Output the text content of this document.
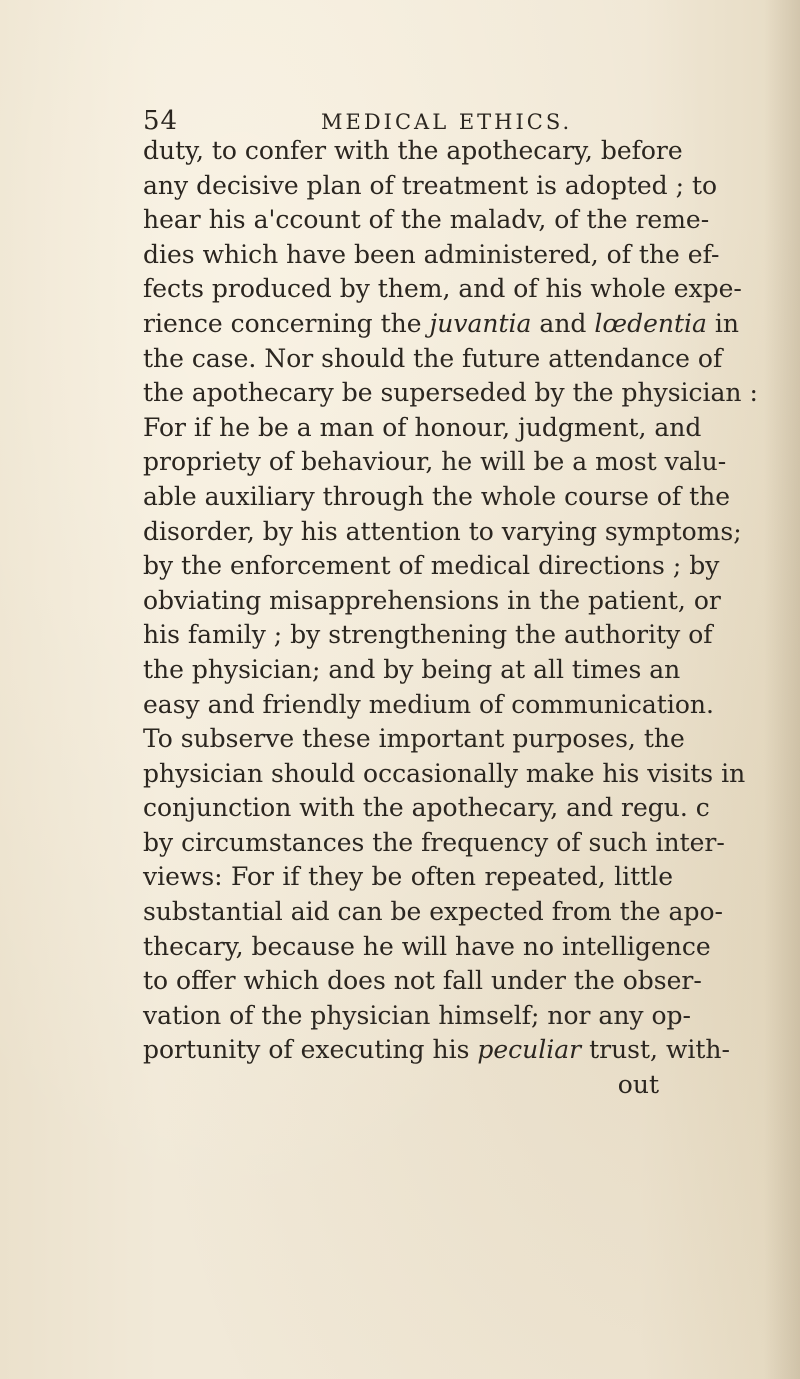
54	MEDICAL ETHICS.
duty, to confer with the apothecary, before
any decisive plan of treatment is adopted ; to
hear his a'ccount of the maladv, of the reme-
dies which have been administered, of the ef-
fects produced by them, and of his whole expe-
rience concerning the juvantia and lœdentia in
the case. Nor should the future attendance of
the apothecary be superseded by the physician :
For if he be a man of honour, judgment, and
propriety of behaviour, he will be a most valu-
able auxiliary through the whole course of the
disorder, by his attention to varying symptoms;
by the enforcement of medical directions ; by
obviating misapprehensions in the patient, or
his family ; by strengthening the authority of
the physician; and by being at all times an
easy and friendly medium of communication.
To subserve these important purposes, the
physician should occasionally make his visits in
conjunction with the apothecary, and regu. c
by circumstances the frequency of such inter-
views: For if they be often repeated, little
substantial aid can be expected from the apo-
thecary, because he will have no intelligence
to offer which does not fall under the obser-
vation of the physician himself; nor any op-
portunity of executing his peculiar trust, with-
out
